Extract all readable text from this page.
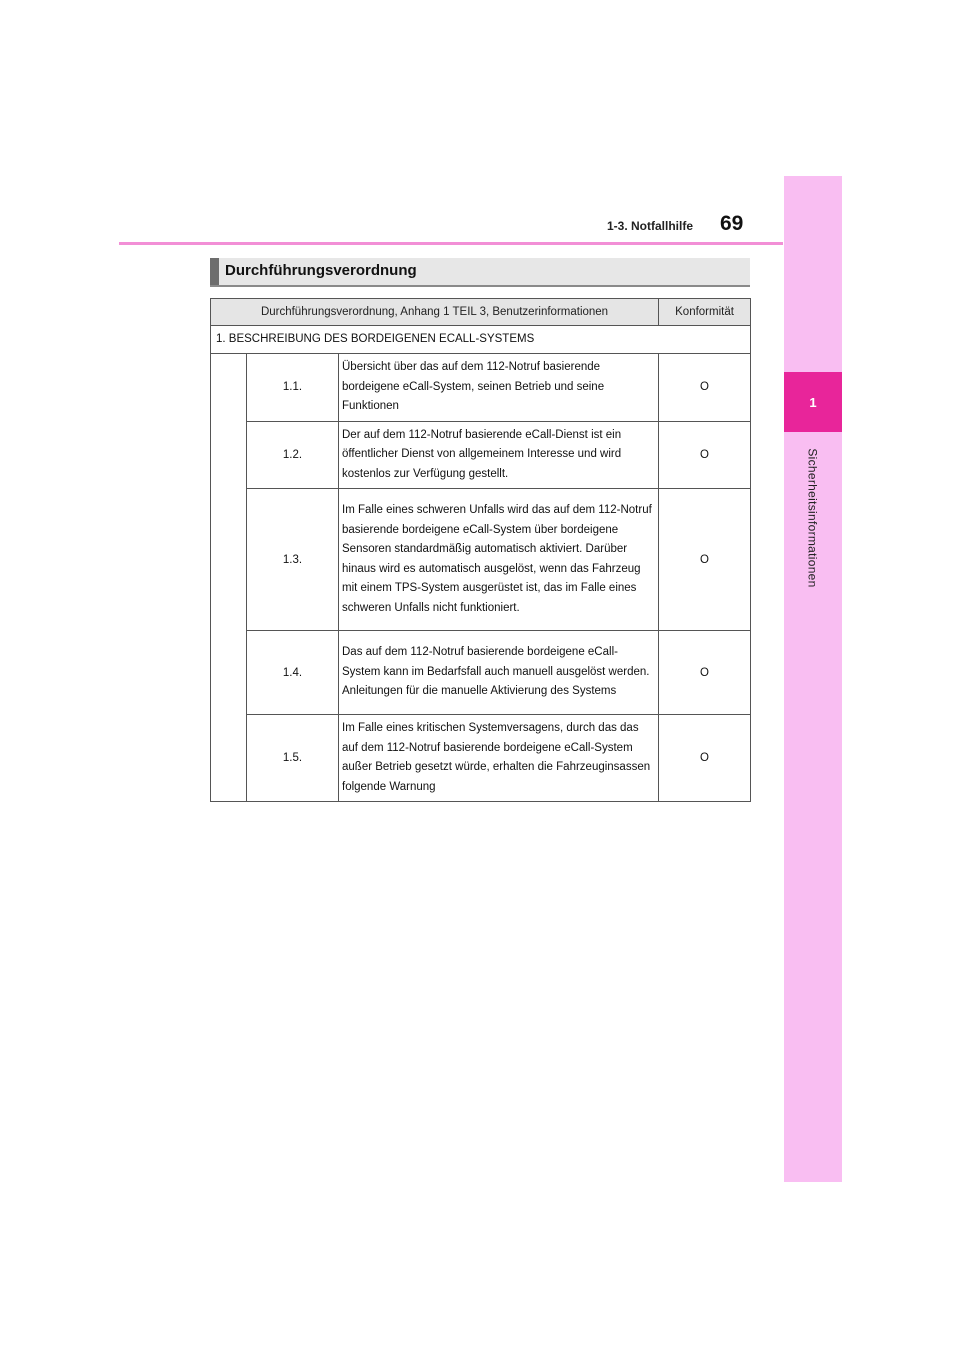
1
Sicherheitsinformationen
1-3. Notfallhilfe 69
Durchführungsverordnung
Durchführungsverordnung, Anhang 1 TEIL 3, Benutzerinformationen			Konformität
1. BESCHREIBUNG DES BORDEIGENEN ECALL-SYSTEMS			
	1.1.	Übersicht über das auf dem 112-Notruf basierende bordeigene eCall-System, seinen Betrieb und seine Funktionen	O
	1.2.	Der auf dem 112-Notruf basierende eCall-Dienst ist ein öffentlicher Dienst von allgemeinem Interesse und wird kostenlos zur Verfügung gestellt.	O
	1.3.	Im Falle eines schweren Unfalls wird das auf dem 112-Notruf basierende bordeigene eCall-System über bordeigene Sensoren standardmäßig automatisch aktiviert. Darüber hinaus wird es automatisch ausgelöst, wenn das Fahrzeug mit einem TPS-System ausgerüstet ist, das im Falle eines schweren Unfalls nicht funktioniert.	O
	1.4.	Das auf dem 112-Notruf basierende bordeigene eCall-System kann im Bedarfsfall auch manuell ausgelöst werden. Anleitungen für die manuelle Aktivierung des Systems	O
	1.5.	Im Falle eines kritischen Systemversagens, durch das das auf dem 112-Notruf basierende bordeigene eCall-System außer Betrieb gesetzt würde, erhalten die Fahrzeuginsassen folgende Warnung	O
